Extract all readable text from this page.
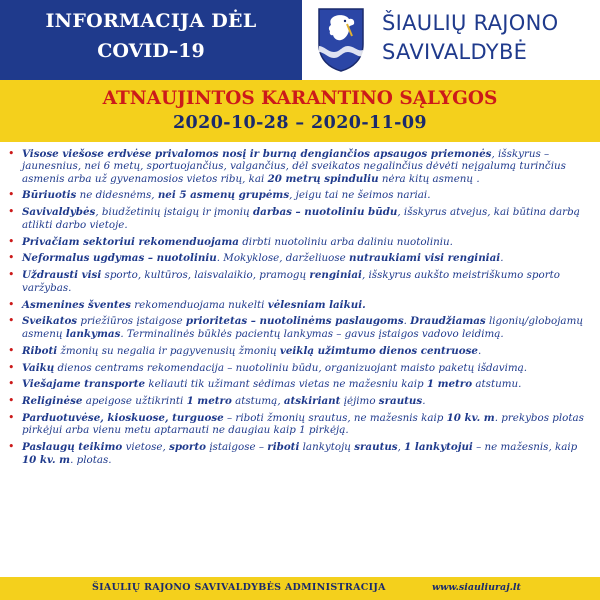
INFORMACIJA DĖL
COVID–19
ŠIAULIŲ RAJONO
SAVIVALDYBĖ
ATNAUJINTOS KARANTINO SĄLYGOS
2020-10-28 – 2020-11-09
• Visose viešose erdvėse privalomos nosį ir burną dengiančios apsaugos priemonės, išskyrus – jaunesnius, nei 6 metų, sportuojančius, valgančius, dėl sveikatos negalinčius dėvėti neįgalumą turinčius asmenis arba už gyvenamosios vietos ribų, kai 20 metrų spinduliu nėra kitų asmenų .
• Būriuotis ne didesnėms, nei 5 asmenų grupėms, jeigu tai ne šeimos nariai.
• Savivaldybės, biudžetinių įstaigų ir įmonių darbas – nuotoliniu būdu, išskyrus atvejus, kai būtina darbą atlikti darbo vietoje.
• Privačiam sektoriui rekomenduojama dirbti nuotoliniu arba daliniu nuotoliniu.
• Neformalus ugdymas – nuotoliniu. Mokyklose, darželiuose nutraukiami visi renginiai.
• Uždrausti visi sporto, kultūros, laisvalaikio, pramogų renginiai, išskyrus aukšto meistriškumo sporto varžybas.
• Asmenines šventes rekomenduojama nukelti vėlesniam laikui.
• Sveikatos priežiūros įstaigose prioritetas – nuotolinėms paslaugoms. Draudžiamas ligonių/globojamų asmenų lankymas. Terminalinės būklės pacientų lankymas – gavus įstaigos vadovo leidimą.
• Riboti žmonių su negalia ir pagyvenusių žmonių veiklą užimtumo dienos centruose.
• Vaikų dienos centrams rekomendacija – nuotoliniu būdu, organizuojant maisto paketų išdavimą.
• Viešajame transporte keliauti tik užimant sėdimas vietas ne mažesniu kaip 1 metro atstumu.
• Religinėse apeigose užtikrinti 1 metro atstumą, atskiriant įėjimo srautus.
• Parduotuvėse, kioskuose, turguose – riboti žmonių srautus, ne mažesnis kaip 10 kv. m. prekybos plotas pirkėjui arba vienu metu aptarnauti ne daugiau kaip 1 pirkėją.
• Paslaugų teikimo vietose, sporto įstaigose – riboti lankytojų srautus, 1 lankytojui – ne mažesnis, kaip 10 kv. m. plotas.
ŠIAULIŲ RAJONO SAVIVALDYBĖS ADMINISTRACIJA	www.siauliuraj.lt
